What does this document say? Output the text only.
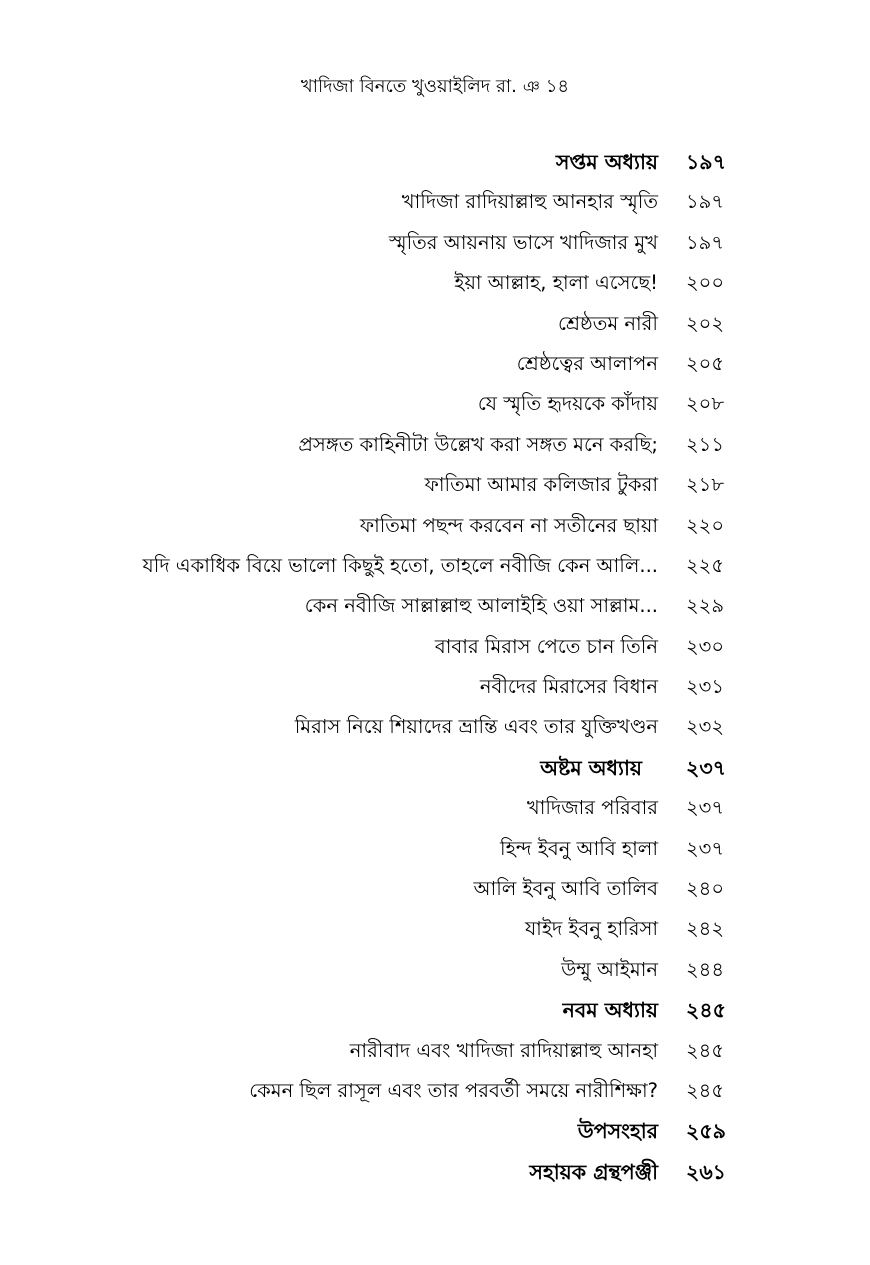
খাদিজা বিনতে খুওয়াইলিদ রা. ঞ ১৪
সপ্তম অধ্যায় ১৯৭
খাদিজা রাদিয়াল্লাহু আনহার স্মৃতি ১৯৭
স্মৃতির আয়নায় ভাসে খাদিজার মুখ ১৯৭
ইয়া আল্লাহ, হালা এসেছে! ২০০
শ্রেষ্ঠতম নারী ২০২
শ্রেষ্ঠত্বের আলাপন ২০৫
যে স্মৃতি হৃদয়কে কাঁদায় ২০৮
প্রসঙ্গত কাহিনীটা উল্লেখ করা সঙ্গত মনে করছি; ২১১
ফাতিমা আমার কলিজার টুকরা ২১৮
ফাতিমা পছন্দ করবেন না সতীনের ছায়া ২২০
যদি একাধিক বিয়ে ভালো কিছুই হতো, তাহলে নবীজি কেন আলি... ২২৫
কেন নবীজি সাল্লাল্লাহু আলাইহি ওয়া সাল্লাম... ২২৯
বাবার মিরাস পেতে চান তিনি ২৩০
নবীদের মিরাসের বিধান ২৩১
মিরাস নিয়ে শিয়াদের ভ্রান্তি এবং তার যুক্তিখণ্ডন ২৩২
অষ্টম অধ্যায় ২৩৭
খাদিজার পরিবার ২৩৭
হিন্দ ইবনু আবি হালা ২৩৭
আলি ইবনু আবি তালিব ২৪০
যাইদ ইবনু হারিসা ২৪২
উম্মু আইমান ২৪৪
নবম অধ্যায় ২৪৫
নারীবাদ এবং খাদিজা রাদিয়াল্লাহু আনহা ২৪৫
কেমন ছিল রাসূল এবং তার পরবর্তী সময়ে নারীশিক্ষা? ২৪৫
উপসংহার ২৫৯
সহায়ক গ্রন্থপঞ্জী ২৬১
